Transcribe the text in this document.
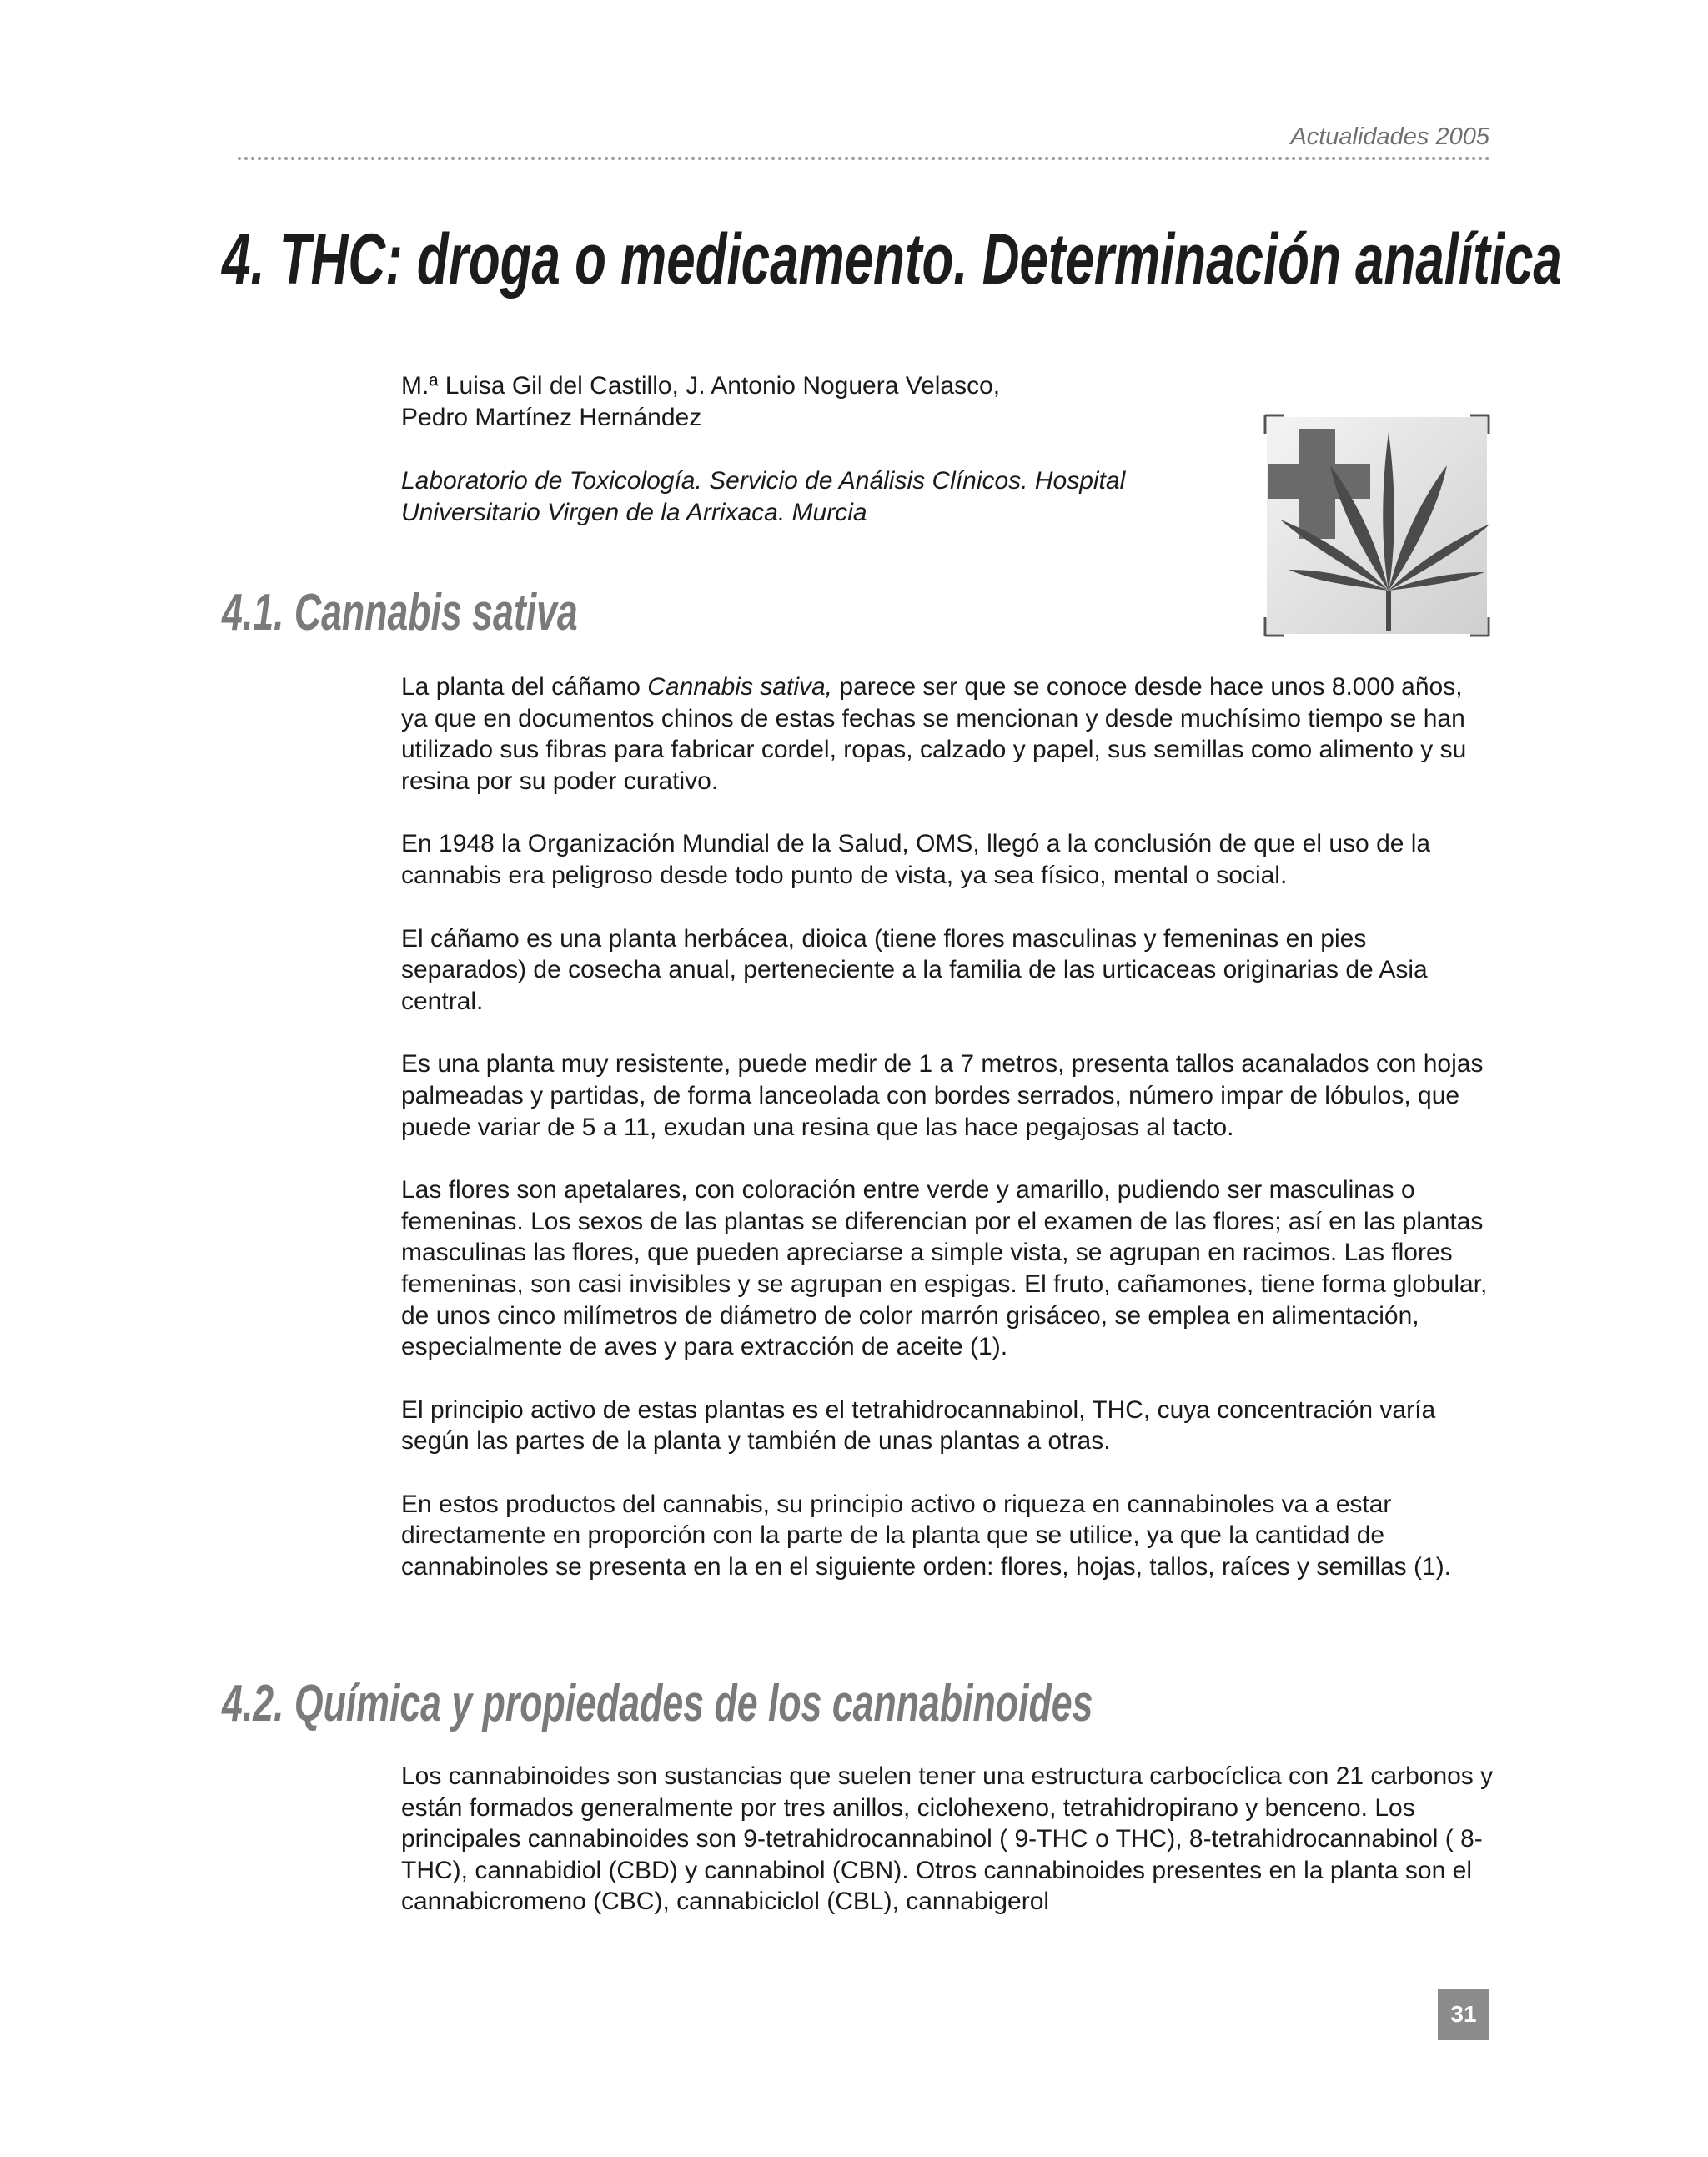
Actualidades 2005
4. THC: droga o medicamento. Determinación analítica
M.ª Luisa Gil del Castillo, J. Antonio Noguera Velasco,
Pedro Martínez Hernández
Laboratorio de Toxicología. Servicio de Análisis Clínicos. Hospital
Universitario Virgen de la Arrixaca. Murcia
4.1. Cannabis sativa

La planta del cáñamo Cannabis sativa, parece ser que se conoce desde hace unos 8.000 años, ya que en documentos chinos de estas fechas se mencionan y desde muchísimo tiempo se han utilizado sus fibras para fabricar cordel, ropas, calzado y papel, sus semillas como alimento y su resina por su poder curativo.

En 1948 la Organización Mundial de la Salud, OMS, llegó a la conclusión de que el uso de la cannabis era peligroso desde todo punto de vista, ya sea físico, mental o social.

El cáñamo es una planta herbácea, dioica (tiene flores masculinas y femeninas en pies separados) de cosecha anual, perteneciente a la familia de las urticaceas originarias de Asia central.

Es una planta muy resistente, puede medir de 1 a 7 metros, presenta tallos acanalados con hojas palmeadas y partidas, de forma lanceolada con bordes serrados, número impar de lóbulos, que puede variar de 5 a 11, exudan una resina que las hace pegajosas al tacto.

Las flores son apetalares, con coloración entre verde y amarillo, pudiendo ser masculinas o femeninas. Los sexos de las plantas se diferencian por el examen de las flores; así en las plantas masculinas las flores, que pueden apreciarse a simple vista, se agrupan en racimos. Las flores femeninas, son casi invisibles y se agrupan en espigas. El fruto, cañamones, tiene forma globular, de unos cinco milímetros de diámetro de color marrón grisáceo, se emplea en alimentación, especialmente de aves y para extracción de aceite (1).

El principio activo de estas plantas es el tetrahidrocannabinol, THC, cuya concentración varía según las partes de la planta y también de unas plantas a otras.

En estos productos del cannabis, su principio activo o riqueza en cannabinoles va a estar directamente en proporción con la parte de la planta que se utilice, ya que la cantidad de cannabinoles se presenta en la en el siguiente orden: flores, hojas, tallos, raíces y semillas (1).

4.2. Química y propiedades de los cannabinoides

Los cannabinoides son sustancias que suelen tener una estructura carbocíclica con 21 carbonos y están formados generalmente por tres anillos, ciclohexeno, tetrahidropirano y benceno. Los principales cannabinoides son 9-tetrahidrocannabinol ( 9-THC o THC), 8-tetrahidrocannabinol ( 8-THC), cannabidiol (CBD) y cannabinol (CBN). Otros cannabinoides presentes en la planta son el cannabicromeno (CBC), cannabiciclol (CBL), cannabigerol

31
